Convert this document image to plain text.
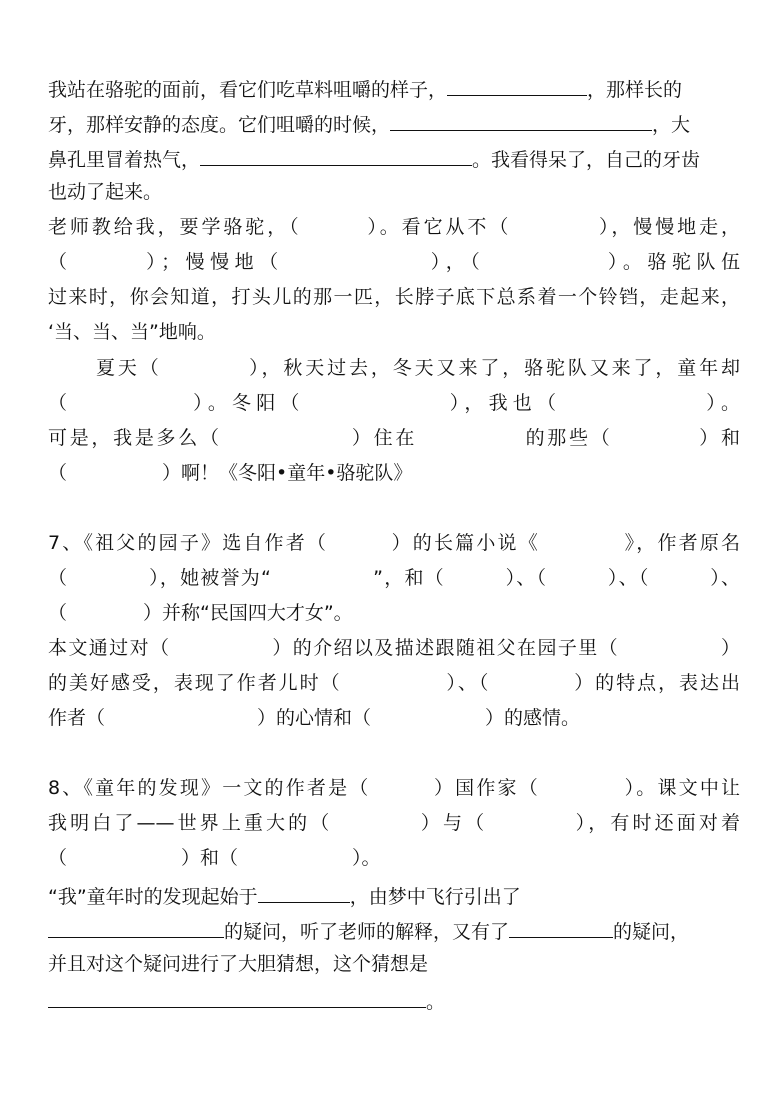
我站在骆驼的面前，看它们吃草料咀嚼的样子，	，那样长的
牙，那样安静的态度。它们咀嚼的时候，	，大
鼻孔里冒着热气，	。我看得呆了，自己的牙齿
也动了起来。
老师教给我，要学骆驼，（　　　）。看它从不（　　　　），慢慢地走，
（　　　）；慢慢地（　　　　　　），（　　　　　）。骆驼队伍
过来时，你会知道，打头儿的那一匹，长脖子底下总系着一个铃铛，走起来，
‘当、当、当”地响。
夏天（　　　　），秋天过去，冬天又来了，骆驼队又来了，童年却
（　　　　　）。冬阳（　　　　　　），我也（　　　　　　）。
可是，我是多么（　　　　　　）住在　　　　　的那些（　　　　）和
（　　　　　）啊！《冬阳•童年•骆驼队》
7、《祖父的园子》选自作者（　　　）的长篇小说《　　　　》，作者原名
（　　　　），她被誉为“　　　　　”，和（　　　）、（　　　）、（　　　）、
（　　　　）并称“民国四大才女”。
本文通过对（　　　　　）的介绍以及描述跟随祖父在园子里（　　　　　）
的美好感受，表现了作者儿时（　　　　　）、（　　　　）的特点，表达出
作者（　　　　　　　　）的心情和（　　　　　　）的感情。
8、《童年的发现》一文的作者是（　　　）国作家（　　　　）。课文中让
我明白了——世界上重大的（　　　　）与（　　　　），有时还面对着
（　　　　　　）和（　　　　　　）。
“我”童年时的发现起始于	，由梦中飞行引出了
的疑问，听了老师的解释，又有了	的疑问，
并且对这个疑问进行了大胆猜想，这个猜想是
。
